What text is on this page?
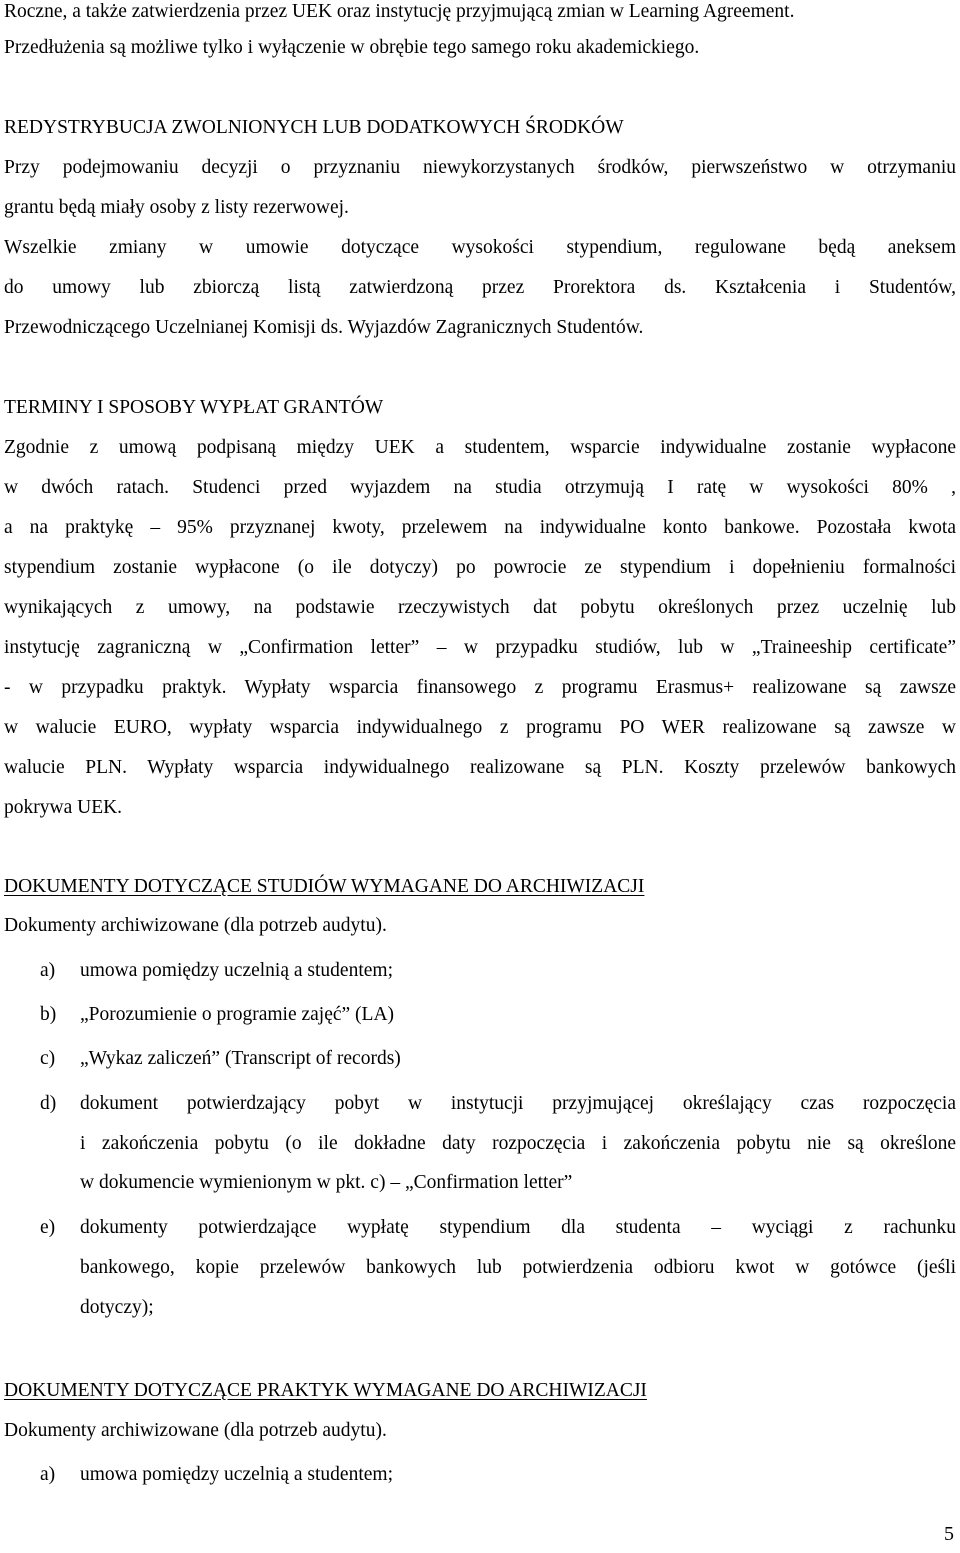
Roczne, a także zatwierdzenia przez UEK oraz instytucję przyjmującą zmian w Learning Agreement.
Przedłużenia są możliwe tylko i wyłączenie w obrębie tego samego roku akademickiego.
REDYSTRYBUCJA ZWOLNIONYCH LUB DODATKOWYCH ŚRODKÓW
Przy podejmowaniu decyzji o przyznaniu niewykorzystanych środków, pierwszeństwo w otrzymaniu
grantu będą miały osoby z listy rezerwowej.
Wszelkie zmiany w umowie dotyczące wysokości stypendium, regulowane będą aneksem
do umowy lub zbiorczą listą zatwierdzoną przez Prorektora ds. Kształcenia i Studentów,
Przewodniczącego Uczelnianej Komisji ds. Wyjazdów Zagranicznych Studentów.
TERMINY I SPOSOBY WYPŁAT GRANTÓW
Zgodnie z umową podpisaną między UEK a studentem, wsparcie indywidualne zostanie wypłacone
w dwóch ratach. Studenci przed wyjazdem na studia otrzymują I ratę w wysokości 80% ,
a na praktykę – 95% przyznanej kwoty, przelewem na indywidualne konto bankowe. Pozostała kwota
stypendium zostanie wypłacone (o ile dotyczy) po powrocie ze stypendium i dopełnieniu formalności
wynikających z umowy, na podstawie rzeczywistych dat pobytu określonych przez uczelnię lub
instytucję zagraniczną w „Confirmation letter” – w przypadku studiów, lub w „Traineeship certificate”
- w przypadku praktyk. Wypłaty wsparcia finansowego z programu Erasmus+ realizowane są zawsze
w walucie EURO, wypłaty wsparcia indywidualnego z programu PO WER realizowane są zawsze w
walucie PLN. Wypłaty wsparcia indywidualnego realizowane są PLN. Koszty przelewów bankowych
pokrywa UEK.
DOKUMENTY DOTYCZĄCE STUDIÓW WYMAGANE DO ARCHIWIZACJI
Dokumenty archiwizowane (dla potrzeb audytu).
a) umowa pomiędzy uczelnią a studentem;
b) „Porozumienie o programie zajęć” (LA)
c) „Wykaz zaliczeń” (Transcript of records)
d) dokument potwierdzający pobyt w instytucji przyjmującej określający czas rozpoczęcia
i zakończenia pobytu (o ile dokładne daty rozpoczęcia i zakończenia pobytu nie są określone
w dokumencie wymienionym w pkt. c) – „Confirmation letter”
e) dokumenty potwierdzające wypłatę stypendium dla studenta – wyciągi z rachunku
bankowego, kopie przelewów bankowych lub potwierdzenia odbioru kwot w gotówce (jeśli
dotyczy);
DOKUMENTY DOTYCZĄCE PRAKTYK WYMAGANE DO ARCHIWIZACJI
Dokumenty archiwizowane (dla potrzeb audytu).
a) umowa pomiędzy uczelnią a studentem;
5
